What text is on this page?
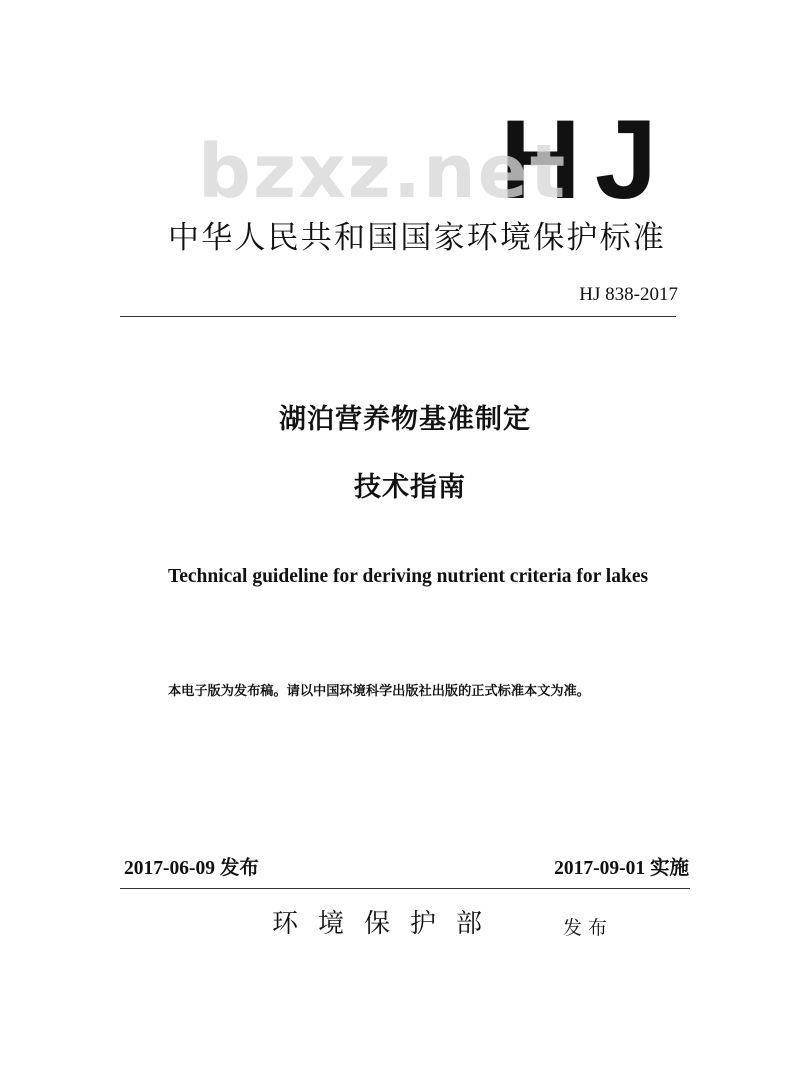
HJ
bzxz.net
中华人民共和国国家环境保护标准
HJ 838-2017
湖泊营养物基准制定
技术指南
Technical guideline for deriving nutrient criteria for lakes
本电子版为发布稿。请以中国环境科学出版社出版的正式标准本文为准。
2017-06-09 发布	2017-09-01 实施
环境保护部	发布
